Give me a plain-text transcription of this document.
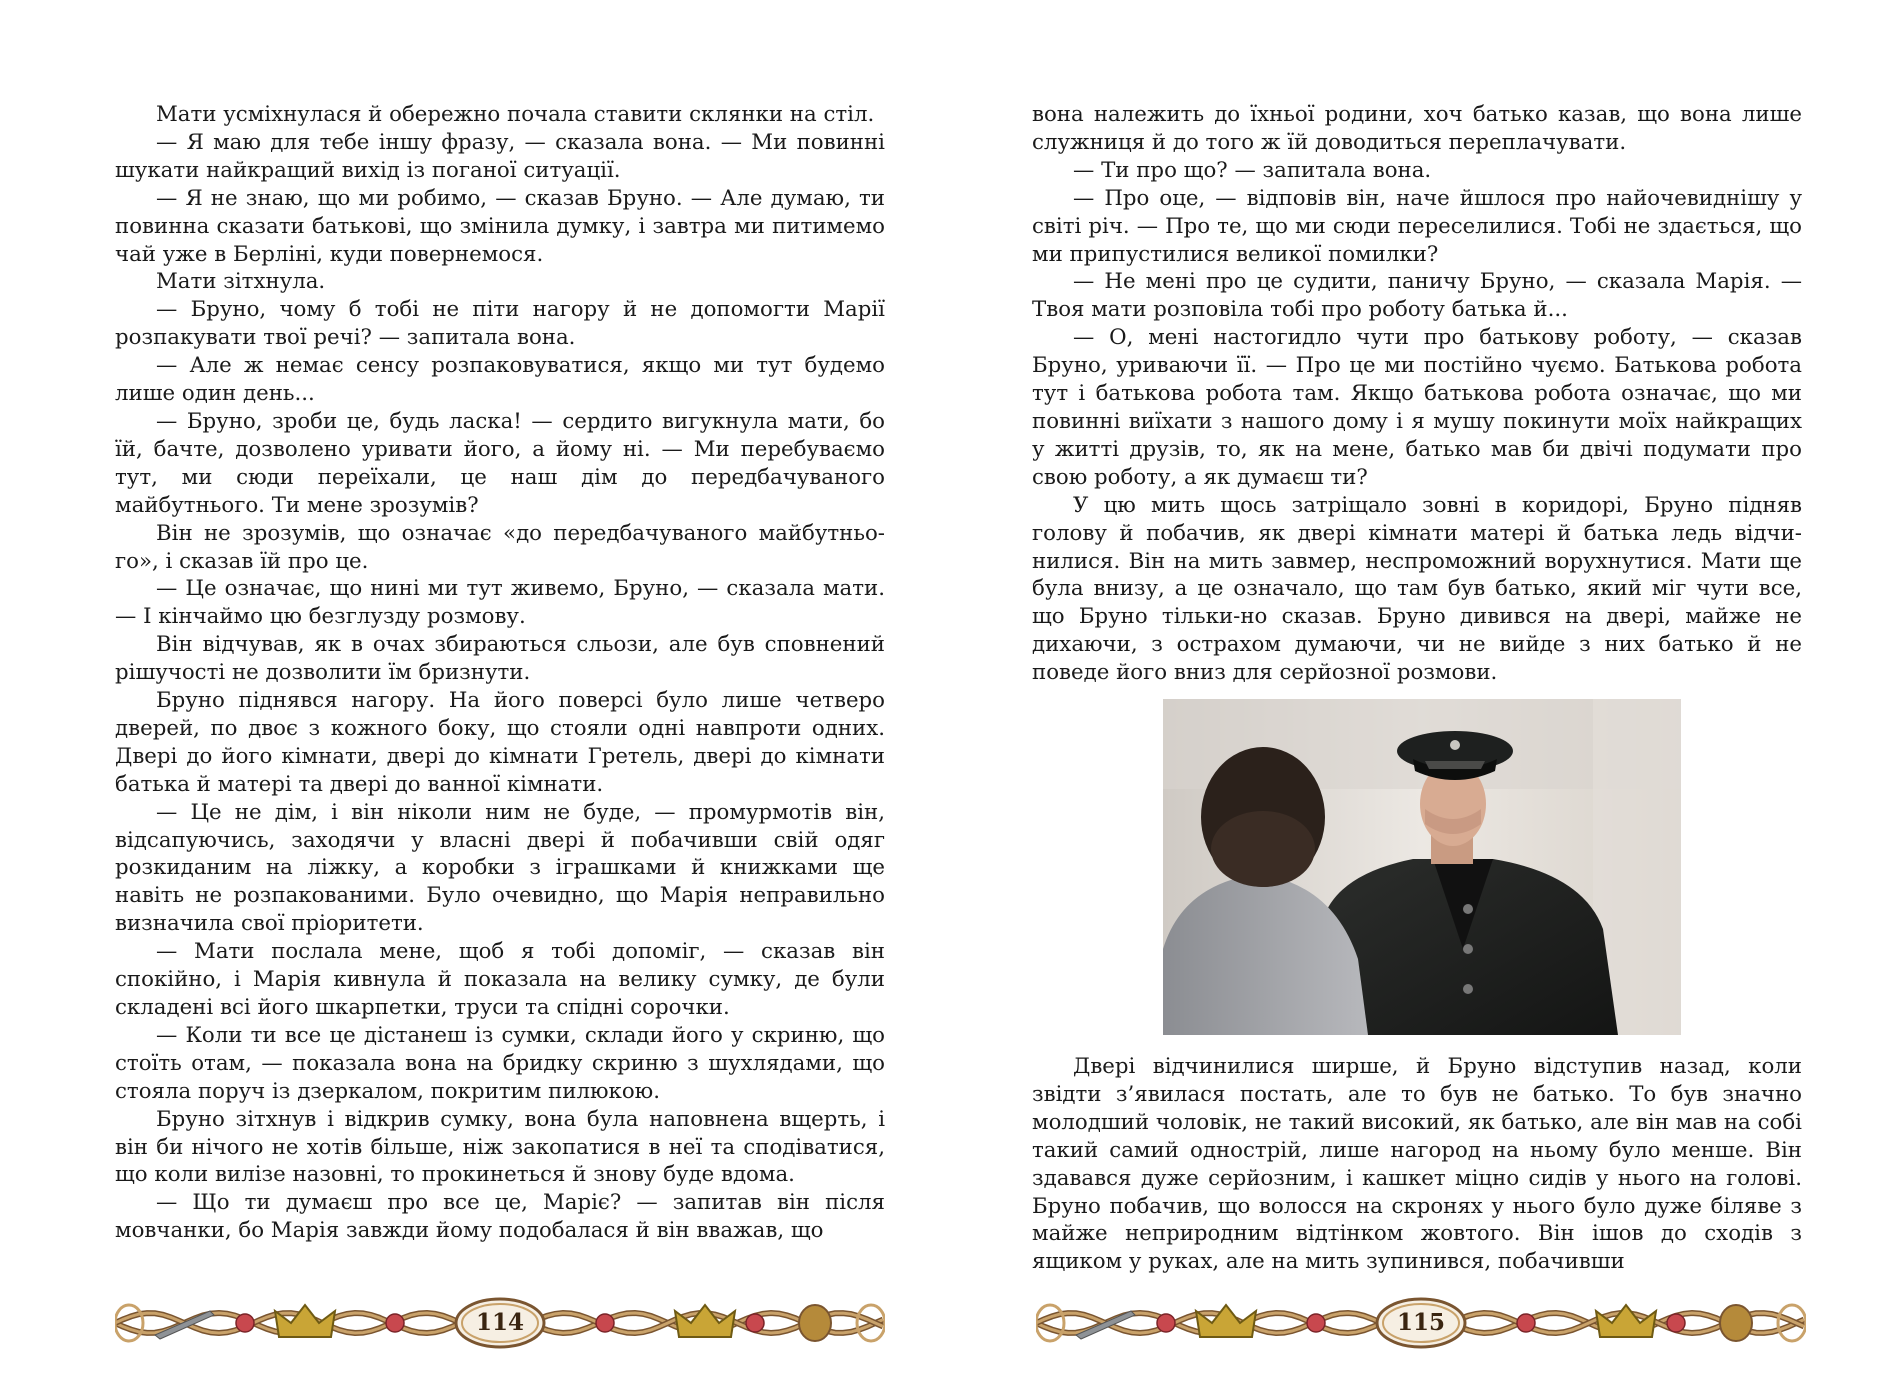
Мати усміхнулася й обережно почала ставити склянки на стіл.

— Я маю для тебе іншу фразу, — сказала вона. — Ми повинні шукати найкращий вихід із поганої ситуації.

— Я не знаю, що ми робимо, — сказав Бруно. — Але думаю, ти повинна сказати батькові, що змінила думку, і завтра ми питимемо чай уже в Берліні, куди повернемося.

Мати зітхнула.

— Бруно, чому б тобі не піти нагору й не допомогти Марії розпакувати твої речі? — запитала вона.

— Але ж немає сенсу розпаковуватися, якщо ми тут будемо лише один день...

— Бруно, зроби це, будь ласка! — сердито вигукнула мати, бо їй, бачте, дозволено уривати його, а йому ні. — Ми перебуваємо тут, ми сюди переїхали, це наш дім до передбачуваного майбутнього. Ти мене зрозумів?

Він не зрозумів, що означає «до передбачуваного майбутнього», і сказав їй про це.

— Це означає, що нині ми тут живемо, Бруно, — сказала мати. — І кінчаймо цю безглузду розмову.

Він відчував, як в очах збираються сльози, але був сповнений рішучості не дозволити їм бризнути.

Бруно піднявся нагору. На його поверсі було лише четверо дверей, по двоє з кожного боку, що стояли одні навпроти одних. Двері до його кімнати, двері до кімнати Гретель, двері до кімнати батька й матері та двері до ванної кімнати.

— Це не дім, і він ніколи ним не буде, — промурмотів він, відсапуючись, заходячи у власні двері й побачивши свій одяг розкиданим на ліжку, а коробки з іграшками й книжками ще навіть не розпакованими. Було очевидно, що Марія неправильно визначила свої пріоритети.

— Мати послала мене, щоб я тобі допоміг, — сказав він спокійно, і Марія кивнула й показала на велику сумку, де були складені всі його шкарпетки, труси та спідні сорочки.

— Коли ти все це дістанеш із сумки, склади його у скриню, що стоїть отам, — показала вона на бридку скриню з шухлядами, що стояла поруч із дзеркалом, покритим пилюкою.

Бруно зітхнув і відкрив сумку, вона була наповнена вщерть, і він би нічого не хотів більше, ніж закопатися в неї та сподіватися, що коли вилізе назовні, то прокинеться й знову буде вдома.

— Що ти думаєш про все це, Маріє? — запитав він після мовчанки, бо Марія завжди йому подобалася й він вважав, що

114

вона належить до їхньої родини, хоч батько казав, що вона лише служниця й до того ж їй доводиться переплачувати.

— Ти про що? — запитала вона.

— Про оце, — відповів він, наче йшлося про найочевиднішу у світі річ. — Про те, що ми сюди переселилися. Тобі не здається, що ми припустилися великої помилки?

— Не мені про це судити, паничу Бруно, — сказала Марія. — Твоя мати розповіла тобі про роботу батька й...

— О, мені настогидло чути про батькову роботу, — сказав Бруно, уриваючи її. — Про це ми постійно чуємо. Батькова робота тут і батькова робота там. Якщо батькова робота означає, що ми повинні виїхати з нашого дому і я мушу покинути моїх найкращих у житті друзів, то, як на мене, батько мав би двічі подумати про свою роботу, а як думаєш ти?

У цю мить щось затріщало зовні в коридорі, Бруно підняв голову й побачив, як двері кімнати матері й батька ледь відчинилися. Він на мить завмер, неспроможний ворухнутися. Мати ще була внизу, а це означало, що там був батько, який міг чути все, що Бруно тільки-но сказав. Бруно дивився на двері, майже не дихаючи, з острахом думаючи, чи не вийде з них батько й не поведе його вниз для серйозної розмови.

Двері відчинилися ширше, й Бруно відступив назад, коли звідти з’явилася постать, але то був не батько. То був значно молодший чоловік, не такий високий, як батько, але він мав на собі такий самий однострій, лише нагород на ньому було менше. Він здавався дуже серйозним, і кашкет міцно сидів у нього на голові. Бруно побачив, що волосся на скронях у нього було дуже біляве з майже неприродним відтінком жовтого. Він ішов до сходів з ящиком у руках, але на мить зупинився, побачивши

115
